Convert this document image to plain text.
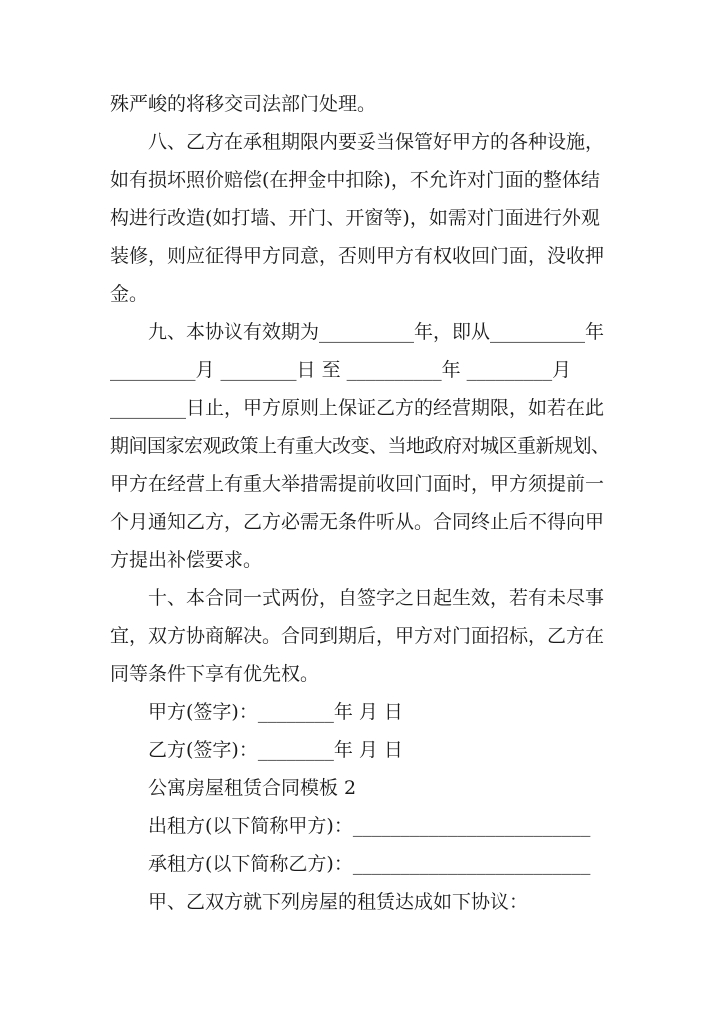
殊严峻的将移交司法部门处理。

八、乙方在承租期限内要妥当保管好甲方的各种设施，

如有损坏照价赔偿(在押金中扣除)，不允许对门面的整体结

构进行改造(如打墙、开门、开窗等)，如需对门面进行外观

装修，则应征得甲方同意，否则甲方有权收回门面，没收押

金。

九、本协议有效期为__________年，即从__________年

_________月 ________日 至 __________年 _________月

________日止，甲方原则上保证乙方的经营期限，如若在此

期间国家宏观政策上有重大改变、当地政府对城区重新规划、

甲方在经营上有重大举措需提前收回门面时，甲方须提前一

个月通知乙方，乙方必需无条件听从。合同终止后不得向甲

方提出补偿要求。

十、本合同一式两份，自签字之日起生效，若有未尽事

宜，双方协商解决。合同到期后，甲方对门面招标，乙方在

同等条件下享有优先权。

甲方(签字)：________年 月 日

乙方(签字)：________年 月 日

公寓房屋租赁合同模板 2

出租方(以下简称甲方)：_________________________

承租方(以下简称乙方)：_________________________

甲、乙双方就下列房屋的租赁达成如下协议：
